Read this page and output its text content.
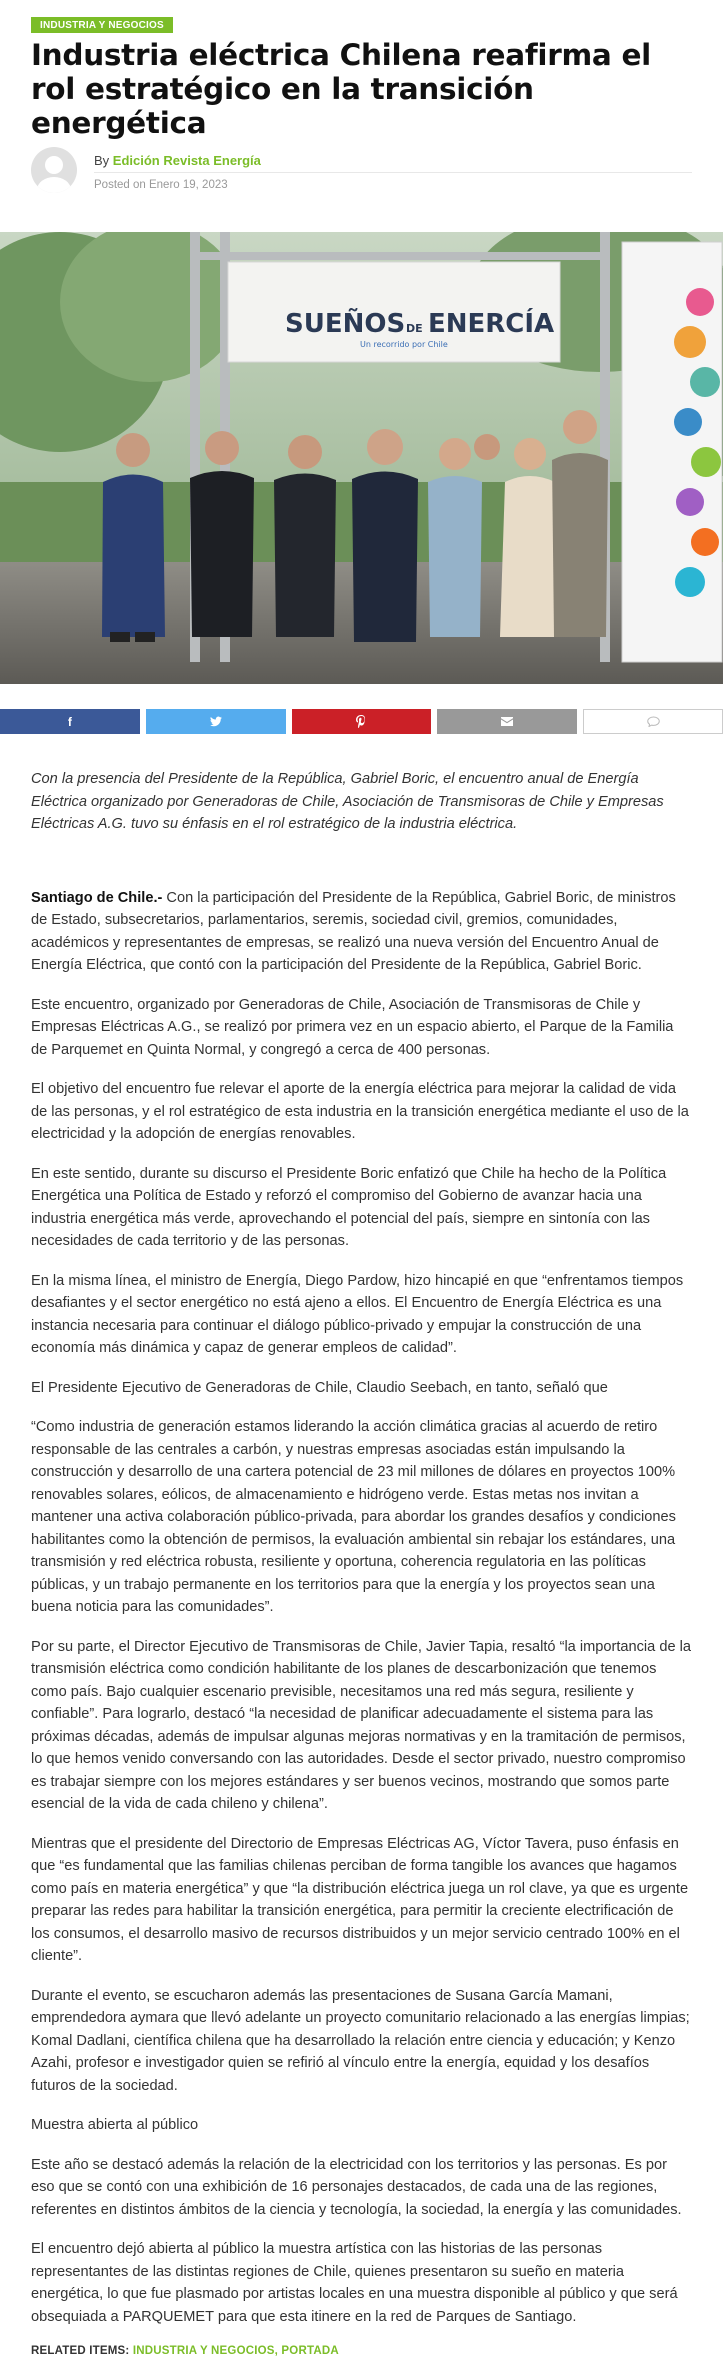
INDUSTRIA Y NEGOCIOS
Industria eléctrica Chilena reafirma el rol estratégico en la transición energética
By Edición Revista Energía
Posted on Enero 19, 2023
SUEÑOS DE ENERCÍA
Un recorrido por Chile
f

Con la presencia del Presidente de la República, Gabriel Boric, el encuentro anual de Energía Eléctrica organizado por Generadoras de Chile, Asociación de Transmisoras de Chile y Empresas Eléctricas A.G. tuvo su énfasis en el rol estratégico de la industria eléctrica.

Santiago de Chile.- Con la participación del Presidente de la República, Gabriel Boric, de ministros de Estado, subsecretarios, parlamentarios, seremis, sociedad civil, gremios, comunidades, académicos y representantes de empresas, se realizó una nueva versión del Encuentro Anual de Energía Eléctrica, que contó con la participación del Presidente de la República, Gabriel Boric.

Este encuentro, organizado por Generadoras de Chile, Asociación de Transmisoras de Chile y Empresas Eléctricas A.G., se realizó por primera vez en un espacio abierto, el Parque de la Familia de Parquemet en Quinta Normal, y congregó a cerca de 400 personas.

El objetivo del encuentro fue relevar el aporte de la energía eléctrica para mejorar la calidad de vida de las personas, y el rol estratégico de esta industria en la transición energética mediante el uso de la electricidad y la adopción de energías renovables.

En este sentido, durante su discurso el Presidente Boric enfatizó que Chile ha hecho de la Política Energética una Política de Estado y reforzó el compromiso del Gobierno de avanzar hacia una industria energética más verde, aprovechando el potencial del país, siempre en sintonía con las necesidades de cada territorio y de las personas.

En la misma línea, el ministro de Energía, Diego Pardow, hizo hincapié en que “enfrentamos tiempos desafiantes y el sector energético no está ajeno a ellos. El Encuentro de Energía Eléctrica es una instancia necesaria para continuar el diálogo público-privado y empujar la construcción de una economía más dinámica y capaz de generar empleos de calidad”.

El Presidente Ejecutivo de Generadoras de Chile, Claudio Seebach, en tanto, señaló que

“Como industria de generación estamos liderando la acción climática gracias al acuerdo de retiro responsable de las centrales a carbón, y nuestras empresas asociadas están impulsando la construcción y desarrollo de una cartera potencial de 23 mil millones de dólares en proyectos 100% renovables solares, eólicos, de almacenamiento e hidrógeno verde. Estas metas nos invitan a mantener una activa colaboración público-privada, para abordar los grandes desafíos y condiciones habilitantes como la obtención de permisos, la evaluación ambiental sin rebajar los estándares, una transmisión y red eléctrica robusta, resiliente y oportuna, coherencia regulatoria en las políticas públicas, y un trabajo permanente en los territorios para que la energía y los proyectos sean una buena noticia para las comunidades”.

Por su parte, el Director Ejecutivo de Transmisoras de Chile, Javier Tapia, resaltó “la importancia de la transmisión eléctrica como condición habilitante de los planes de descarbonización que tenemos como país. Bajo cualquier escenario previsible, necesitamos una red más segura, resiliente y confiable”. Para lograrlo, destacó “la necesidad de planificar adecuadamente el sistema para las próximas décadas, además de impulsar algunas mejoras normativas y en la tramitación de permisos, lo que hemos venido conversando con las autoridades. Desde el sector privado, nuestro compromiso es trabajar siempre con los mejores estándares y ser buenos vecinos, mostrando que somos parte esencial de la vida de cada chileno y chilena”.

Mientras que el presidente del Directorio de Empresas Eléctricas AG, Víctor Tavera, puso énfasis en que “es fundamental que las familias chilenas perciban de forma tangible los avances que hagamos como país en materia energética” y que “la distribución eléctrica juega un rol clave, ya que es urgente preparar las redes para habilitar la transición energética, para permitir la creciente electrificación de los consumos, el desarrollo masivo de recursos distribuidos y un mejor servicio centrado 100% en el cliente”.

Durante el evento, se escucharon además las presentaciones de Susana García Mamani, emprendedora aymara que llevó adelante un proyecto comunitario relacionado a las energías limpias; Komal Dadlani, científica chilena que ha desarrollado la relación entre ciencia y educación; y Kenzo Azahi, profesor e investigador quien se refirió al vínculo entre la energía, equidad y los desafíos futuros de la sociedad.

Muestra abierta al público

Este año se destacó además la relación de la electricidad con los territorios y las personas. Es por eso que se contó con una exhibición de 16 personajes destacados, de cada una de las regiones, referentes en distintos ámbitos de la ciencia y tecnología, la sociedad, la energía y las comunidades.

El encuentro dejó abierta al público la muestra artística con las historias de las personas representantes de las distintas regiones de Chile, quienes presentaron su sueño en materia energética, lo que fue plasmado por artistas locales en una muestra disponible al público y que será obsequiada a PARQUEMET para que esta itinere en la red de Parques de Santiago.

RELATED ITEMS: INDUSTRIA Y NEGOCIOS, PORTADA
